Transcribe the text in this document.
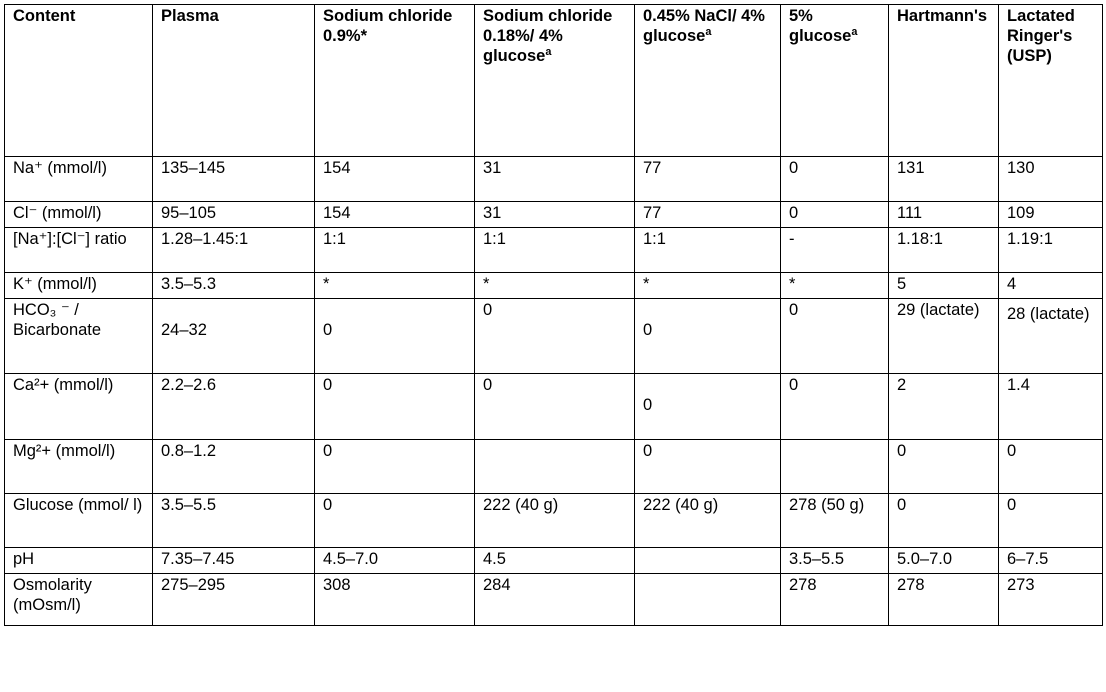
Content	Plasma	Sodium chloride 0.9%*	Sodium chloride 0.18%/ 4% glucoseª	0.45% NaCl/ 4% glucoseª	5% glucoseª	Hartmann's	Lactated Ringer's (USP)
Na⁺ (mmol/l)	135–145	154	31	77	0	131	130
Cl⁻ (mmol/l)	95–105	154	31	77	0	111	109
[Na⁺]:[Cl⁻] ratio	1.28–1.45:1	1:1	1:1	1:1	-	1.18:1	1.19:1
K⁺ (mmol/l)	3.5–5.3	*	*	*	*	5	4
HCO₃ ⁻ / Bicarbonate	24–32	0	0	0	0	29 (lactate)	28 (lactate)
Ca²+ (mmol/l)	2.2–2.6	0	0	0	0	2	1.4
Mg²+ (mmol/l)	0.8–1.2	0		0		0	0
Glucose (mmol/ l)	3.5–5.5	0	222 (40 g)	222 (40 g)	278 (50 g)	0	0
pH	7.35–7.45	4.5–7.0	4.5		3.5–5.5	5.0–7.0	6–7.5
Osmolarity (mOsm/l)	275–295	308	284		278	278	273
